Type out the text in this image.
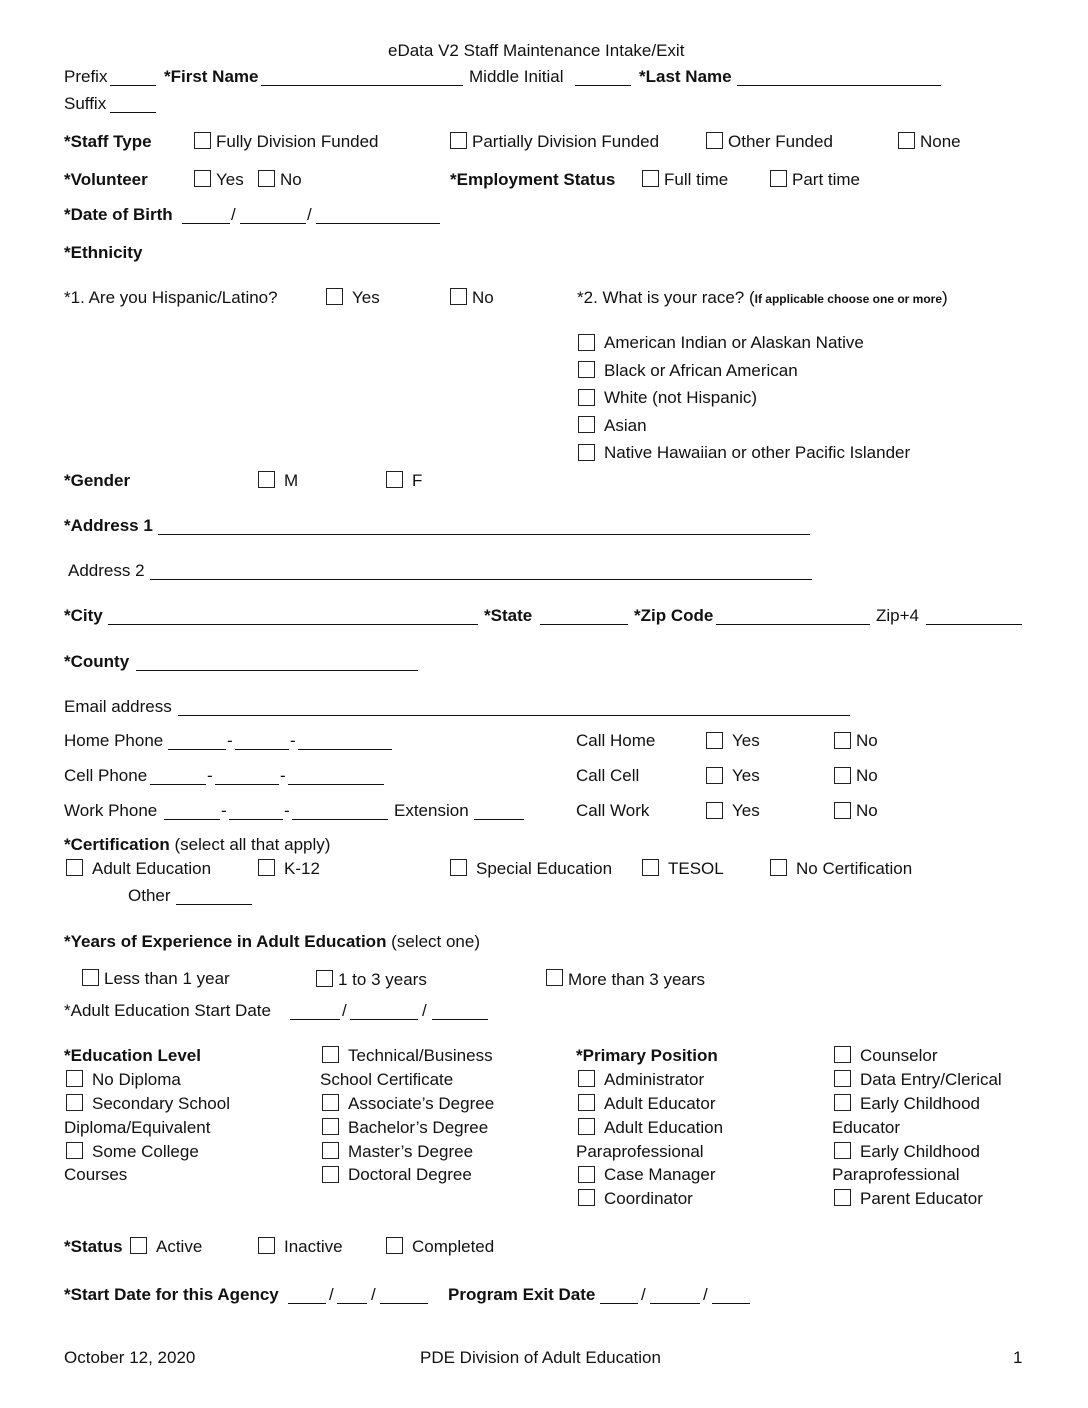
eData V2 Staff Maintenance Intake/Exit
Prefix	*First Name	Middle Initial	*Last Name
Suffix
*Staff Type	Fully Division Funded	Partially Division Funded	Other Funded	None
*Volunteer	Yes No	*Employment Status	Full time	Part time
*Date of Birth	/	/
*Ethnicity
*1. Are you Hispanic/Latino?	Yes	No	*2. What is your race? (If applicable choose one or more)
American Indian or Alaskan Native
Black or African American
White (not Hispanic)
Asian
Native Hawaiian or other Pacific Islander
*Gender	M	F
*Address 1
Address 2
*City	*State	*Zip Code	Zip+4
*County
Email address
Home Phone	-	-
Cell Phone	-	-
Work Phone	-	-	Extension
Call Home	Yes	No
Call Cell	Yes	No
Call Work	Yes	No
*Certification (select all that apply)
Adult Education	K-12	Special Education	TESOL	No Certification
Other
*Years of Experience in Adult Education (select one)
Less than 1 year	1 to 3 years	More than 3 years
*Adult Education Start Date	/	/
*Education Level
No Diploma
Secondary School
Diploma/Equivalent
Some College
Courses
Technical/Business
School Certificate
Associate’s Degree
Bachelor’s Degree
Master’s Degree
Doctoral Degree
*Primary Position
Administrator
Adult Educator
Adult Education
Paraprofessional
Case Manager
Coordinator
Counselor
Data Entry/Clerical
Early Childhood
Educator
Early Childhood
Paraprofessional
Parent Educator
*Status Active	Inactive	Completed
*Start Date for this Agency	/ /	Program Exit Date	/	/
October 12, 2020	PDE Division of Adult Education	1
